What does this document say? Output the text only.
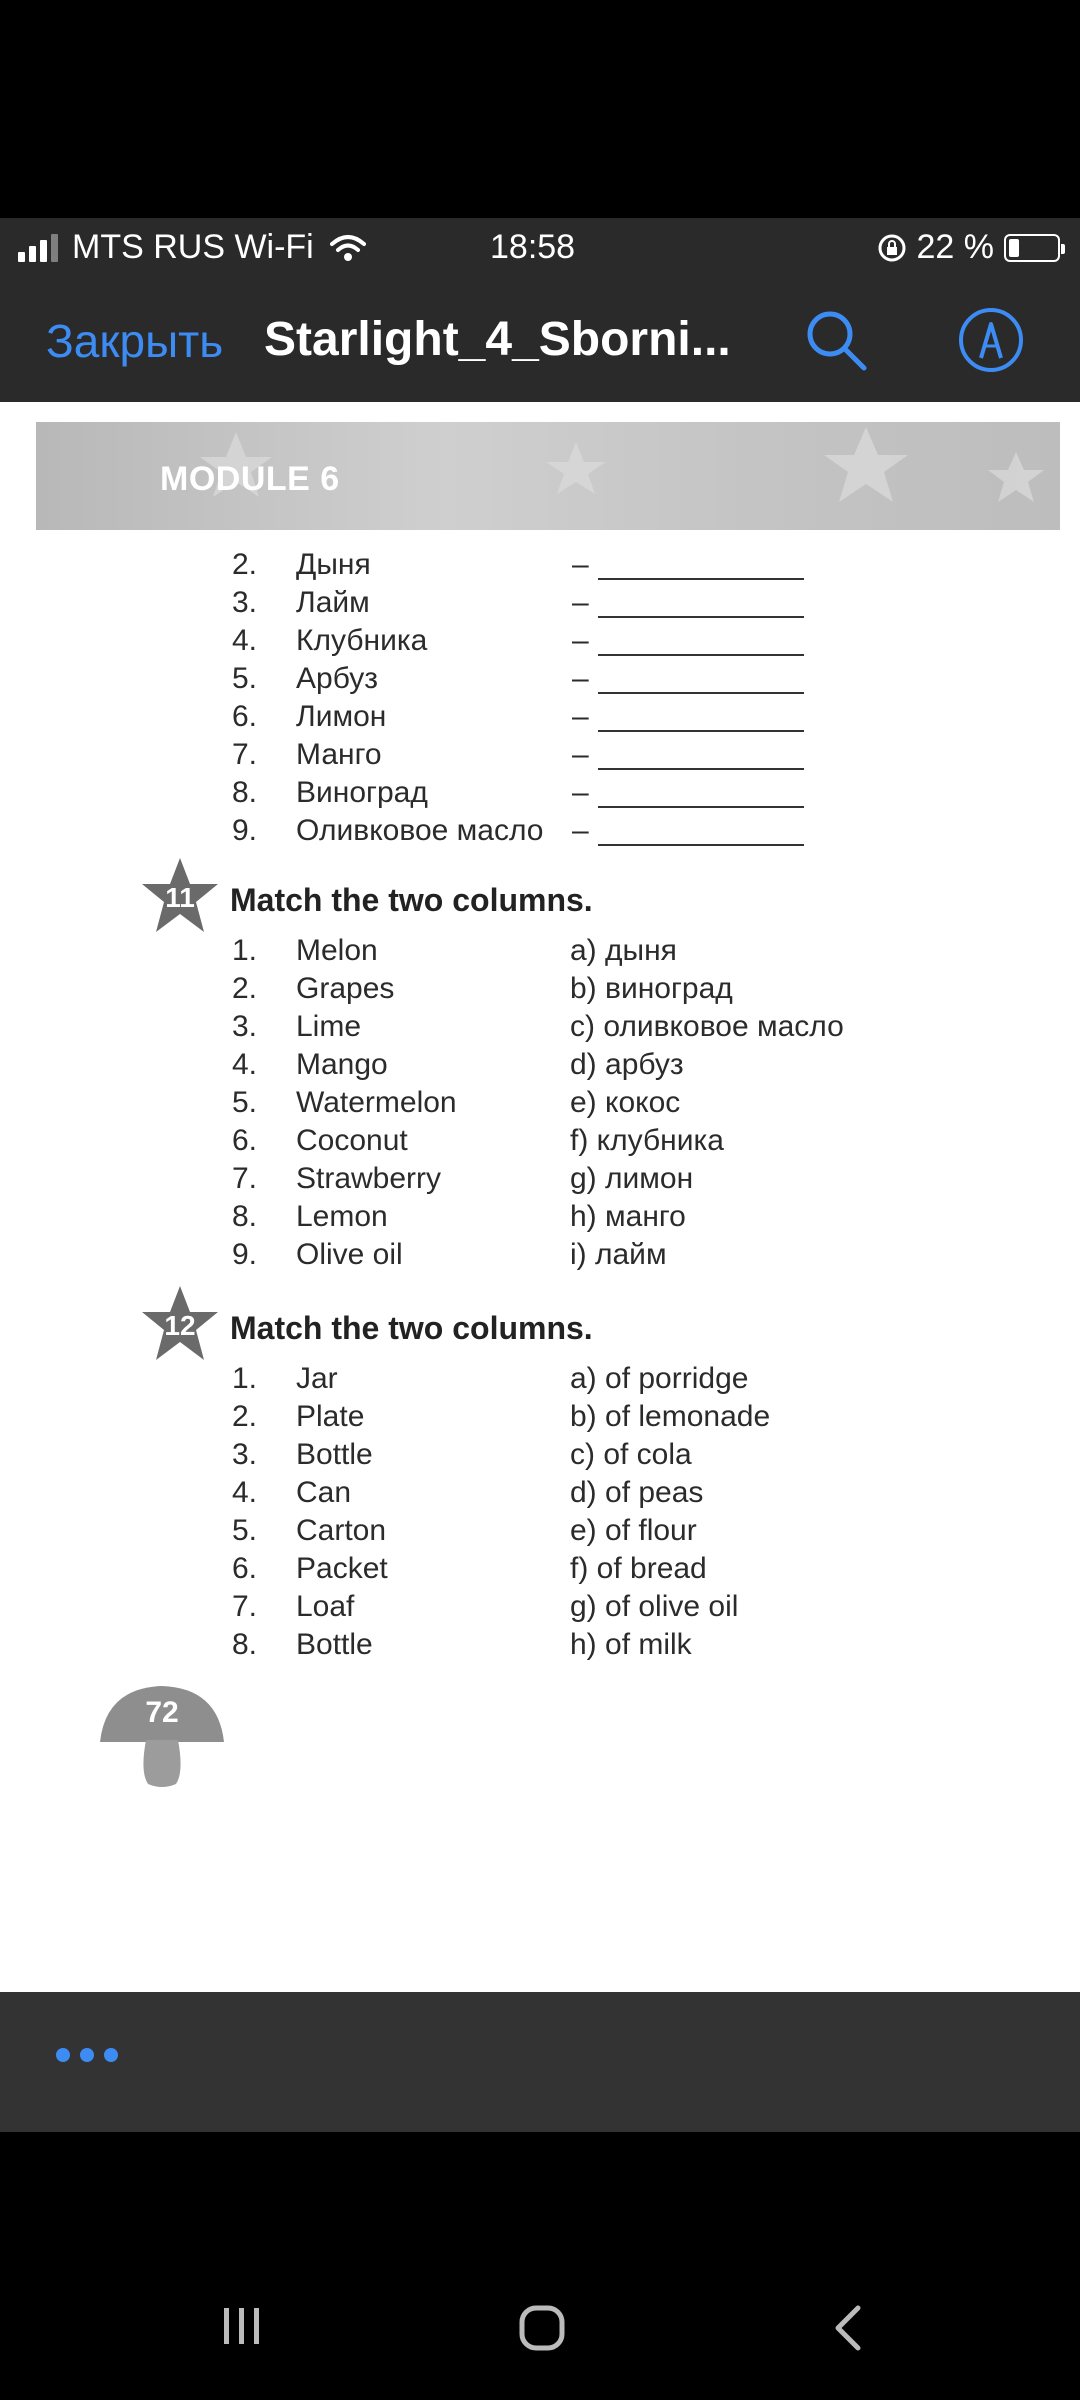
MTS RUS Wi-Fi	18:58	22 %
Закрыть Starlight_4_Sborni...
MODULE 6
2.	Дыня	–
3.	Лайм	–
4.	Клубника	–
5.	Арбуз	–
6.	Лимон	–
7.	Манго	–
8.	Виноград	–
9.	Оливковое масло –
11	Match the two columns.
1.	Melon	a) дыня
2.	Grapes	b) виноград
3.	Lime	c) оливковое масло
4.	Mango	d) арбуз
5.	Watermelon	e) кокос
6.	Coconut	f) клубника
7.	Strawberry	g) лимон
8.	Lemon	h) манго
9.	Olive oil	i) лайм
12	Match the two columns.
1.	Jar	a) of porridge
2.	Plate	b) of lemonade
3.	Bottle	c) of cola
4.	Can	d) of peas
5.	Carton	e) of flour
6.	Packet	f) of bread
7.	Loaf	g) of olive oil
8.	Bottle	h) of milk
72
